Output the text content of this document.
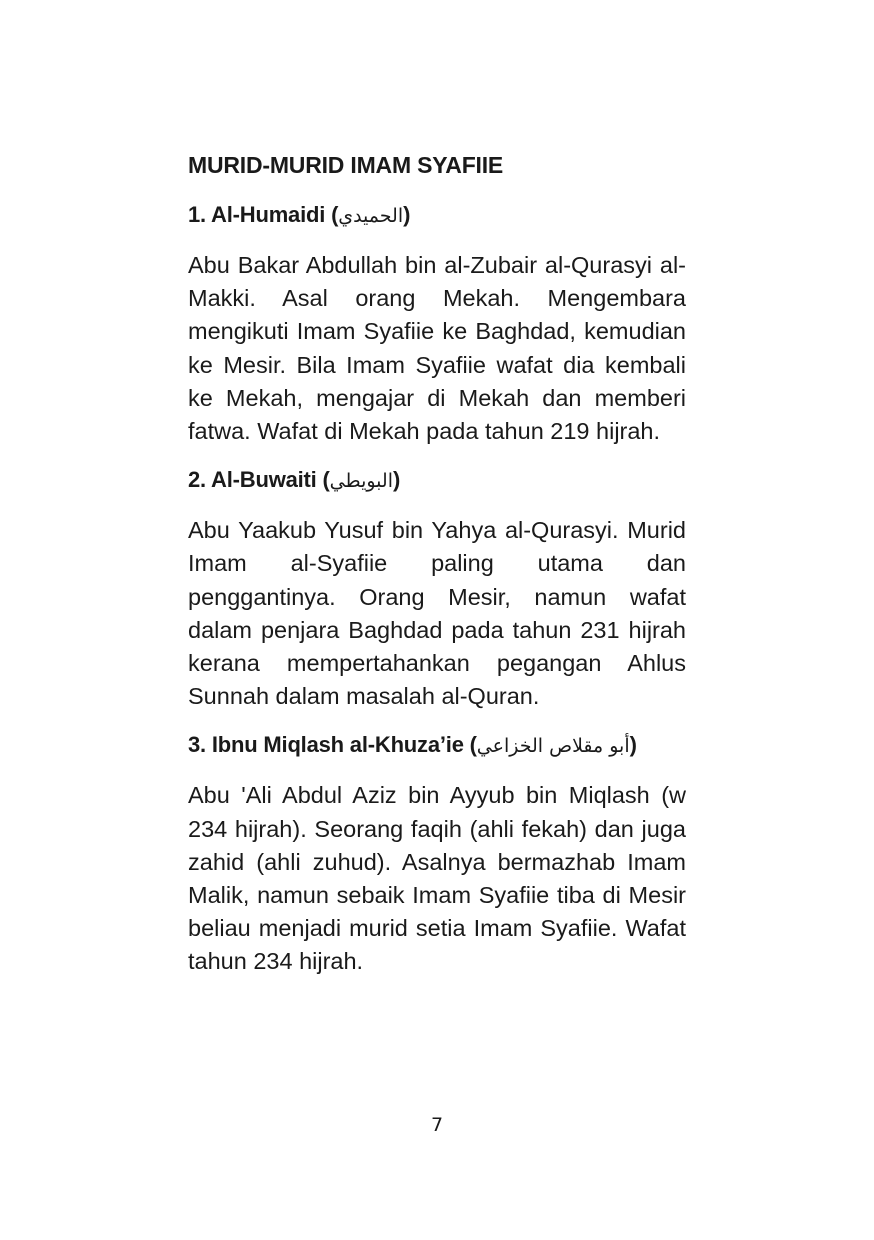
MURID-MURID IMAM SYAFIIE
1. Al-Humaidi (الحميدي)

Abu Bakar Abdullah bin al-Zubair al-Qurasyi al-Makki. Asal orang Mekah. Mengembara mengikuti Imam Syafiie ke Baghdad, kemudian ke Mesir. Bila Imam Syafiie wafat dia kembali ke Mekah, mengajar di Mekah dan memberi fatwa. Wafat di Mekah pada tahun 219 hijrah.

2. Al-Buwaiti (البويطي)

Abu Yaakub Yusuf bin Yahya al-Qurasyi. Murid Imam al-Syafiie paling utama dan penggantinya. Orang Mesir, namun wafat dalam penjara Baghdad pada tahun 231 hijrah kerana mempertahankan pegangan Ahlus Sunnah dalam masalah al-Quran.

3. Ibnu Miqlash al-Khuza’ie (أبو مقلاص الخزاعي)

Abu 'Ali Abdul Aziz bin Ayyub bin Miqlash (w 234 hijrah). Seorang faqih (ahli fekah) dan juga zahid (ahli zuhud). Asalnya bermazhab Imam Malik, namun sebaik Imam Syafiie tiba di Mesir beliau menjadi murid setia Imam Syafiie. Wafat tahun 234 hijrah.

7
